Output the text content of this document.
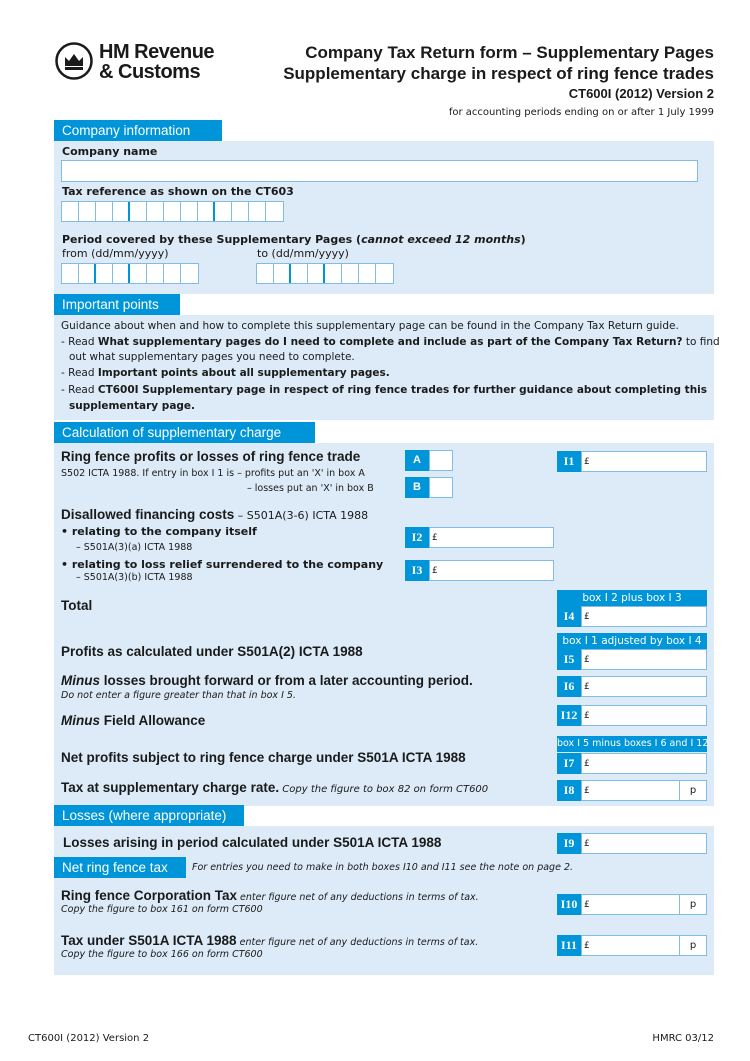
HM Revenue
& Customs
Company Tax Return form – Supplementary Pages
Supplementary charge in respect of ring fence trades
CT600I (2012) Version 2
for accounting periods ending on or after 1 July 1999
Company information
Company name
Tax reference as shown on the CT603
Period covered by these Supplementary Pages (cannot exceed 12 months)
from (dd/mm/yyyy)	to (dd/mm/yyyy)
Important points
Guidance about when and how to complete this supplementary page can be found in the Company Tax Return guide.
- Read What supplementary pages do I need to complete and include as part of the Company Tax Return? to find
out what supplementary pages you need to complete.
- Read Important points about all supplementary pages.
- Read CT600I Supplementary page in respect of ring fence trades for further guidance about completing this
supplementary page.
Calculation of supplementary charge
Ring fence profits or losses of ring fence trade
S502 ICTA 1988. If entry in box I 1 is – profits put an 'X' in box A
– losses put an 'X' in box B
A
B
I1	£
Disallowed financing costs – S501A(3-6) ICTA 1988
• relating to the company itself
– S501A(3)(a) ICTA 1988
• relating to loss relief surrendered to the company
– S501A(3)(b) ICTA 1988
I2	£
I3	£
Total	box I 2 plus box I 3
I4	£
Profits as calculated under S501A(2) ICTA 1988
box I 1 adjusted by box I 4
I5	£
Minus losses brought forward or from a later accounting period.
Do not enter a figure greater than that in box I 5.
I6	£
Minus Field Allowance	I12 £
Net profits subject to ring fence charge under S501A ICTA 1988
box I 5 minus boxes I 6 and I 12
I7	£
Tax at supplementary charge rate. Copy the figure to box 82 on form CT600	I8	£	p
Losses (where appropriate)
Losses arising in period calculated under S501A ICTA 1988	I9	£
Net ring fence tax	For entries you need to make in both boxes I10 and I11 see the note on page 2.
Ring fence Corporation Tax enter figure net of any deductions in terms of tax.
Copy the figure to box 161 on form CT600	I10 £	p
Tax under S501A ICTA 1988 enter figure net of any deductions in terms of tax.
Copy the figure to box 166 on form CT600
I11 £	p
CT600I (2012) Version 2	HMRC 03/12
